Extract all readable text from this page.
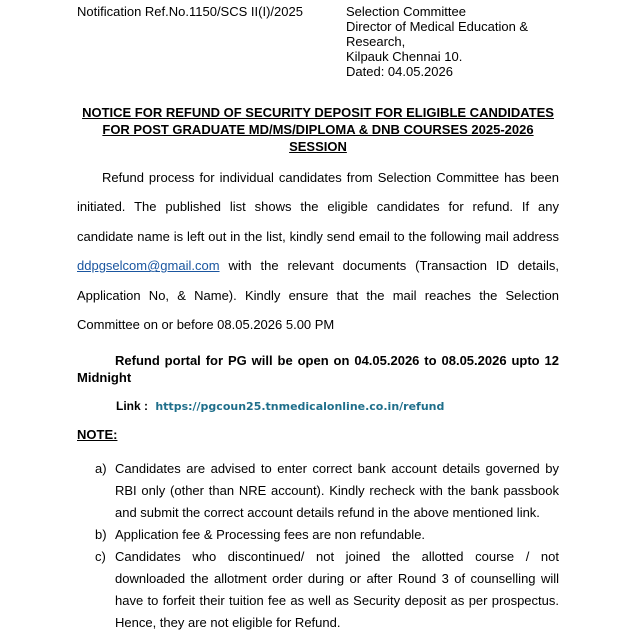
Notification Ref.No.1150/SCS II(I)/2025	Selection Committee
Director of Medical Education &
Research,
Kilpauk Chennai 10.
Dated: 04.05.2026
NOTICE FOR REFUND OF SECURITY DEPOSIT FOR ELIGIBLE CANDIDATES
FOR POST GRADUATE MD/MS/DIPLOMA & DNB COURSES 2025-2026
SESSION
Refund process for individual candidates from Selection Committee has been initiated. The published list shows the eligible candidates for refund. If any candidate name is left out in the list, kindly send email to the following mail address ddpgselcom@gmail.com with the relevant documents (Transaction ID details, Application No, & Name). Kindly ensure that the mail reaches the Selection Committee on or before 08.05.2026 5.00 PM
Refund portal for PG will be open on 04.05.2026 to 08.05.2026 upto 12 Midnight
Link : https://pgcoun25.tnmedicalonline.co.in/refund
NOTE:
a) Candidates are advised to enter correct bank account details governed by RBI only (other than NRE account). Kindly recheck with the bank passbook and submit the correct account details refund in the above mentioned link.
b) Application fee & Processing fees are non refundable.
c) Candidates who discontinued/ not joined the allotted course / not downloaded the allotment order during or after Round 3 of counselling will have to forfeit their tuition fee as well as Security deposit as per prospectus. Hence, they are not eligible for Refund.
